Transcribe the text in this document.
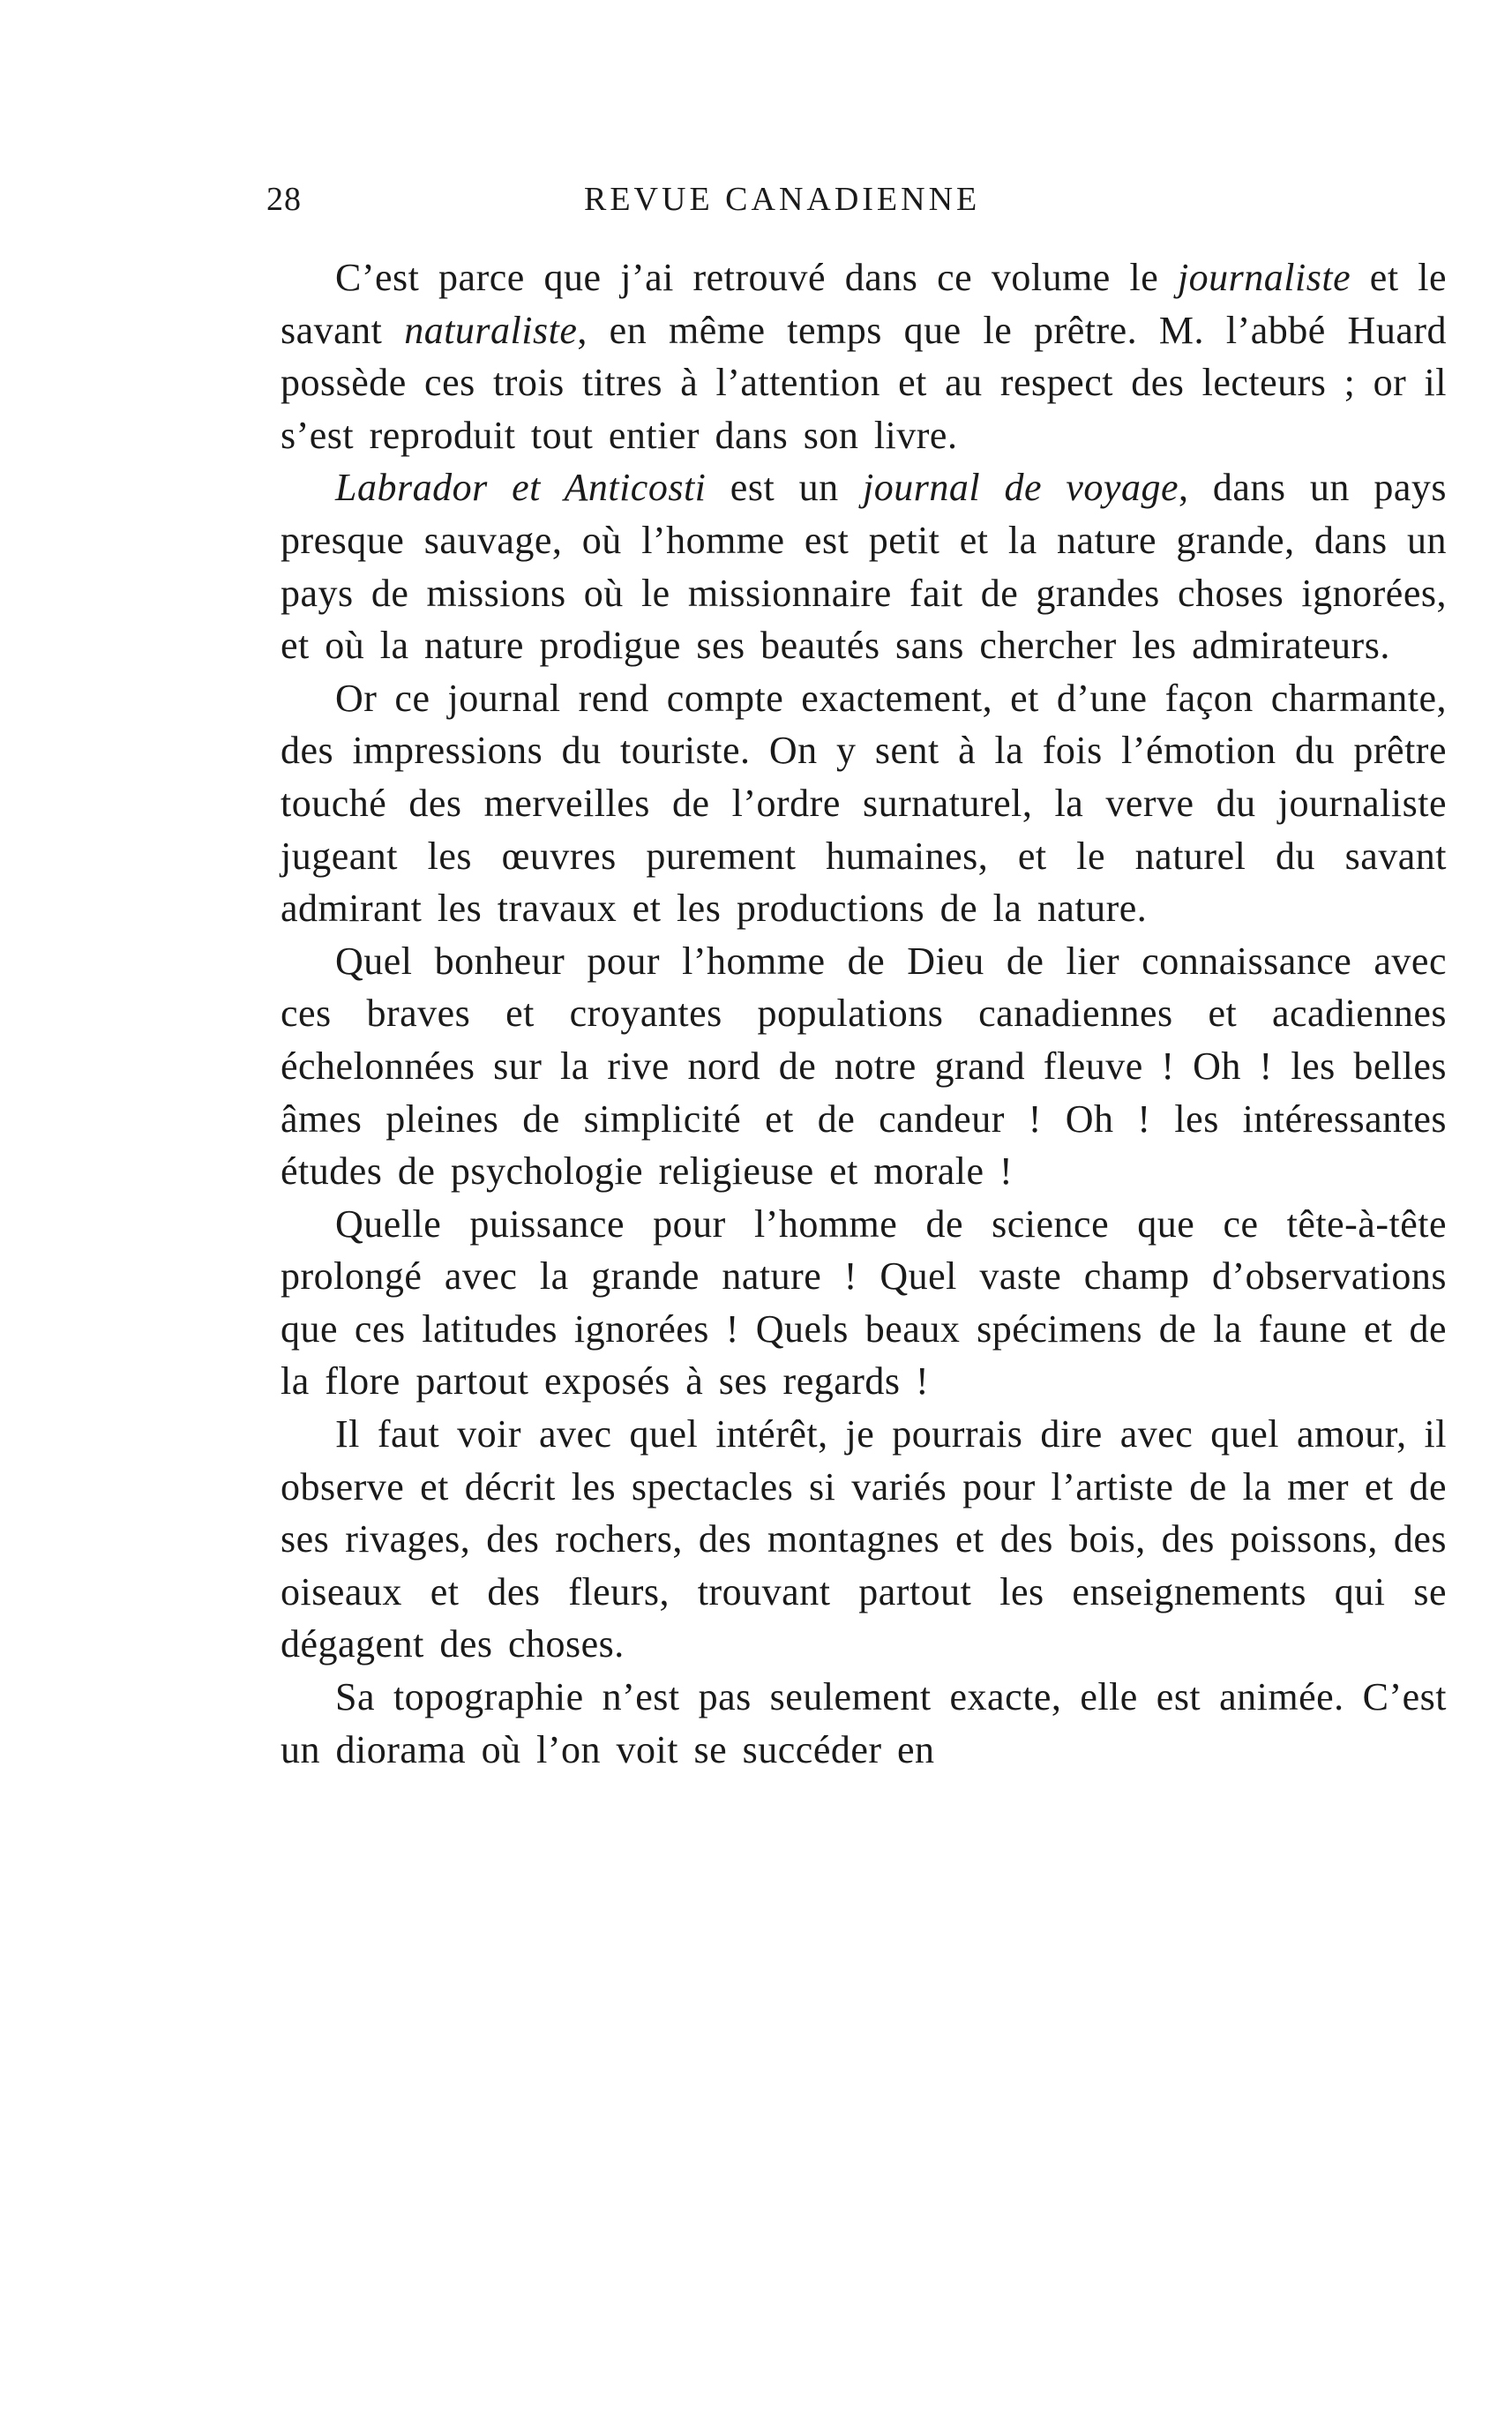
28	REVUE CANADIENNE

C’est parce que j’ai retrouvé dans ce volume le journaliste et le savant naturaliste, en même temps que le prêtre. M. l’abbé Huard possède ces trois titres à l’attention et au respect des lecteurs ; or il s’est reproduit tout entier dans son livre.

Labrador et Anticosti est un journal de voyage, dans un pays presque sauvage, où l’homme est petit et la nature grande, dans un pays de missions où le missionnaire fait de grandes choses ignorées, et où la nature prodigue ses beautés sans chercher les admirateurs.

Or ce journal rend compte exactement, et d’une façon charmante, des impressions du touriste. On y sent à la fois l’émotion du prêtre touché des merveilles de l’ordre surnaturel, la verve du journaliste jugeant les œuvres purement humaines, et le naturel du savant admirant les travaux et les productions de la nature.

Quel bonheur pour l’homme de Dieu de lier connaissance avec ces braves et croyantes populations canadiennes et acadiennes échelonnées sur la rive nord de notre grand fleuve ! Oh ! les belles âmes pleines de simplicité et de candeur ! Oh ! les intéressantes études de psychologie religieuse et morale !

Quelle puissance pour l’homme de science que ce tête-à-tête prolongé avec la grande nature ! Quel vaste champ d’observations que ces latitudes ignorées ! Quels beaux spécimens de la faune et de la flore partout exposés à ses regards !

Il faut voir avec quel intérêt, je pourrais dire avec quel amour, il observe et décrit les spectacles si variés pour l’artiste de la mer et de ses rivages, des rochers, des montagnes et des bois, des poissons, des oiseaux et des fleurs, trouvant partout les enseignements qui se dégagent des choses.

Sa topographie n’est pas seulement exacte, elle est animée. C’est un diorama où l’on voit se succéder en
